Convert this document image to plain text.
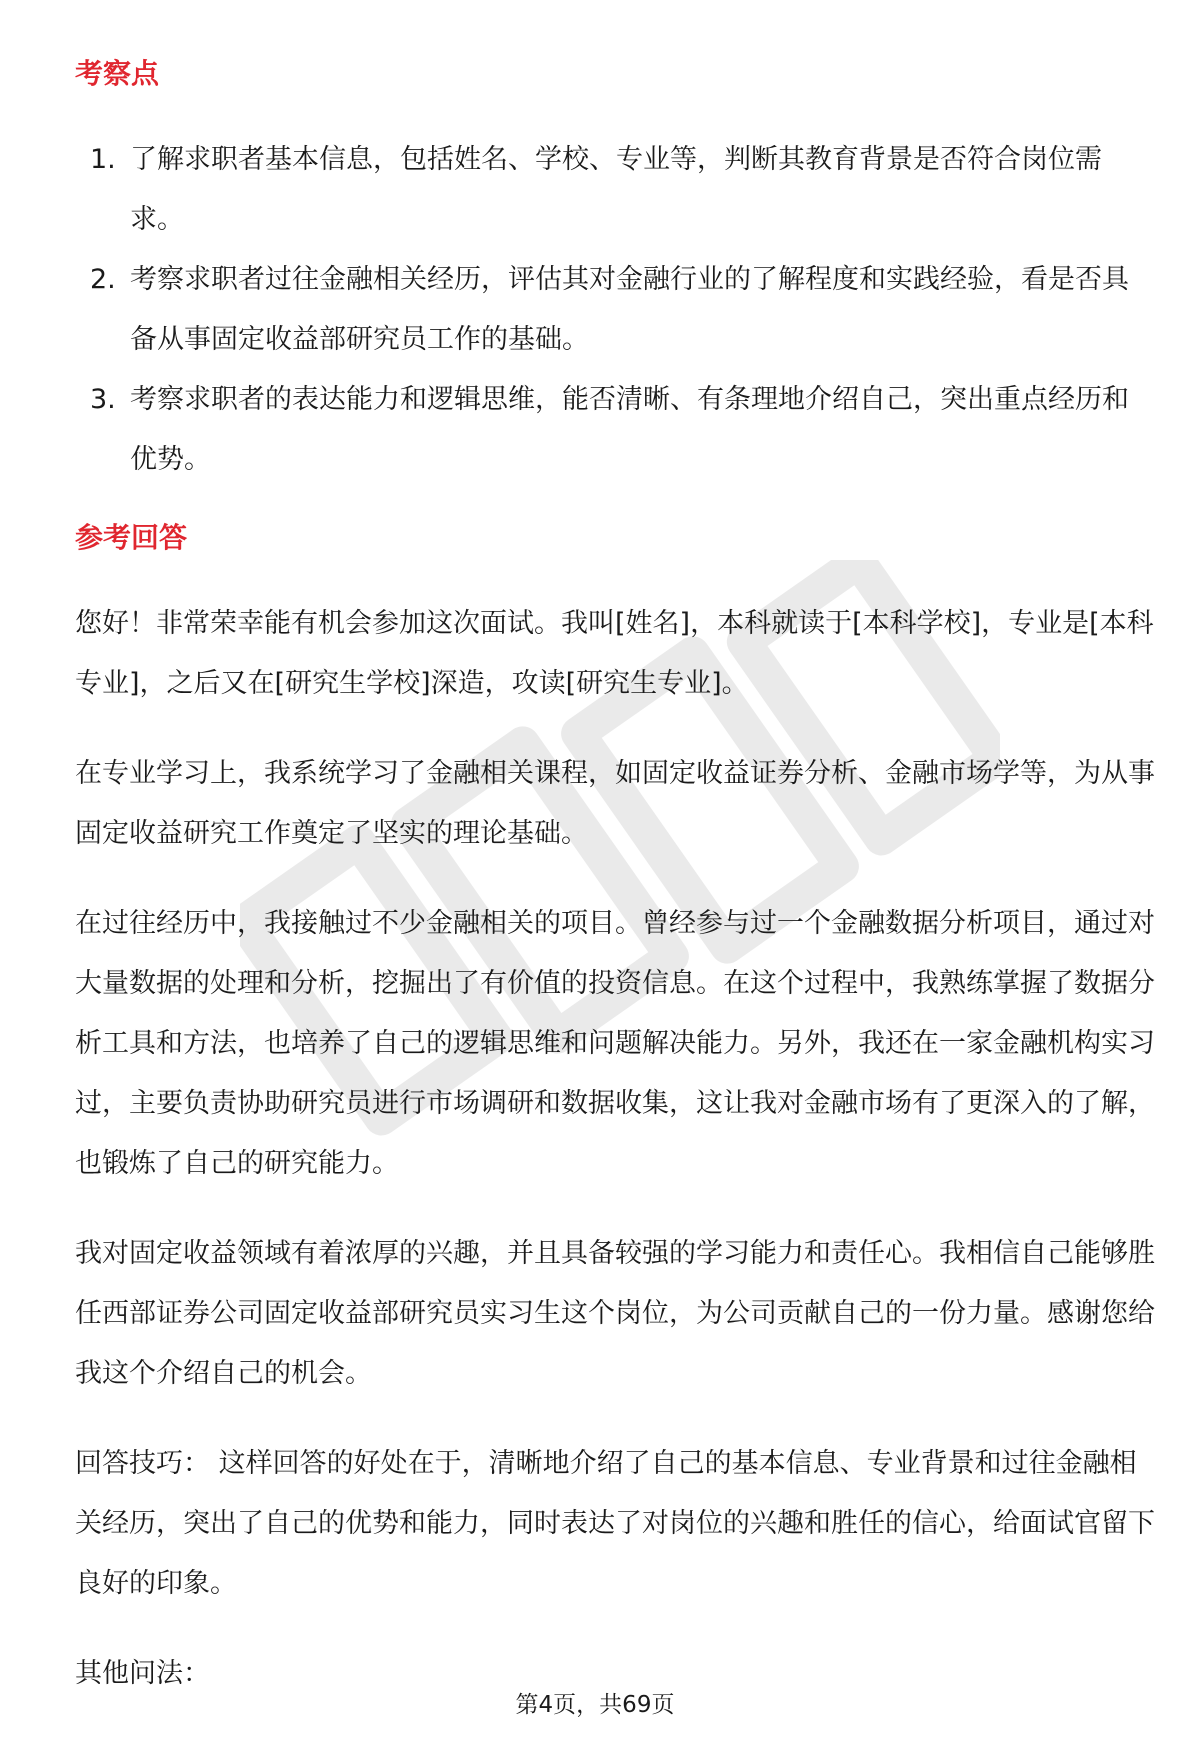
考察点
1. 了解求职者基本信息，包括姓名、学校、专业等，判断其教育背景是否符合岗位需求。
2. 考察求职者过往金融相关经历，评估其对金融行业的了解程度和实践经验，看是否具备从事固定收益部研究员工作的基础。
3. 考察求职者的表达能力和逻辑思维，能否清晰、有条理地介绍自己，突出重点经历和优势。
参考回答

您好！非常荣幸能有机会参加这次面试。我叫[姓名]，本科就读于[本科学校]，专业是[本科专业]，之后又在[研究生学校]深造，攻读[研究生专业]。

在专业学习上，我系统学习了金融相关课程，如固定收益证券分析、金融市场学等，为从事固定收益研究工作奠定了坚实的理论基础。

在过往经历中，我接触过不少金融相关的项目。曾经参与过一个金融数据分析项目，通过对大量数据的处理和分析，挖掘出了有价值的投资信息。在这个过程中，我熟练掌握了数据分析工具和方法，也培养了自己的逻辑思维和问题解决能力。另外，我还在一家金融机构实习过，主要负责协助研究员进行市场调研和数据收集，这让我对金融市场有了更深入的了解，也锻炼了自己的研究能力。

我对固定收益领域有着浓厚的兴趣，并且具备较强的学习能力和责任心。我相信自己能够胜任西部证券公司固定收益部研究员实习生这个岗位，为公司贡献自己的一份力量。感谢您给我这个介绍自己的机会。

回答技巧： 这样回答的好处在于，清晰地介绍了自己的基本信息、专业背景和过往金融相关经历，突出了自己的优势和能力，同时表达了对岗位的兴趣和胜任的信心，给面试官留下良好的印象。

其他问法：

第4页，共69页
